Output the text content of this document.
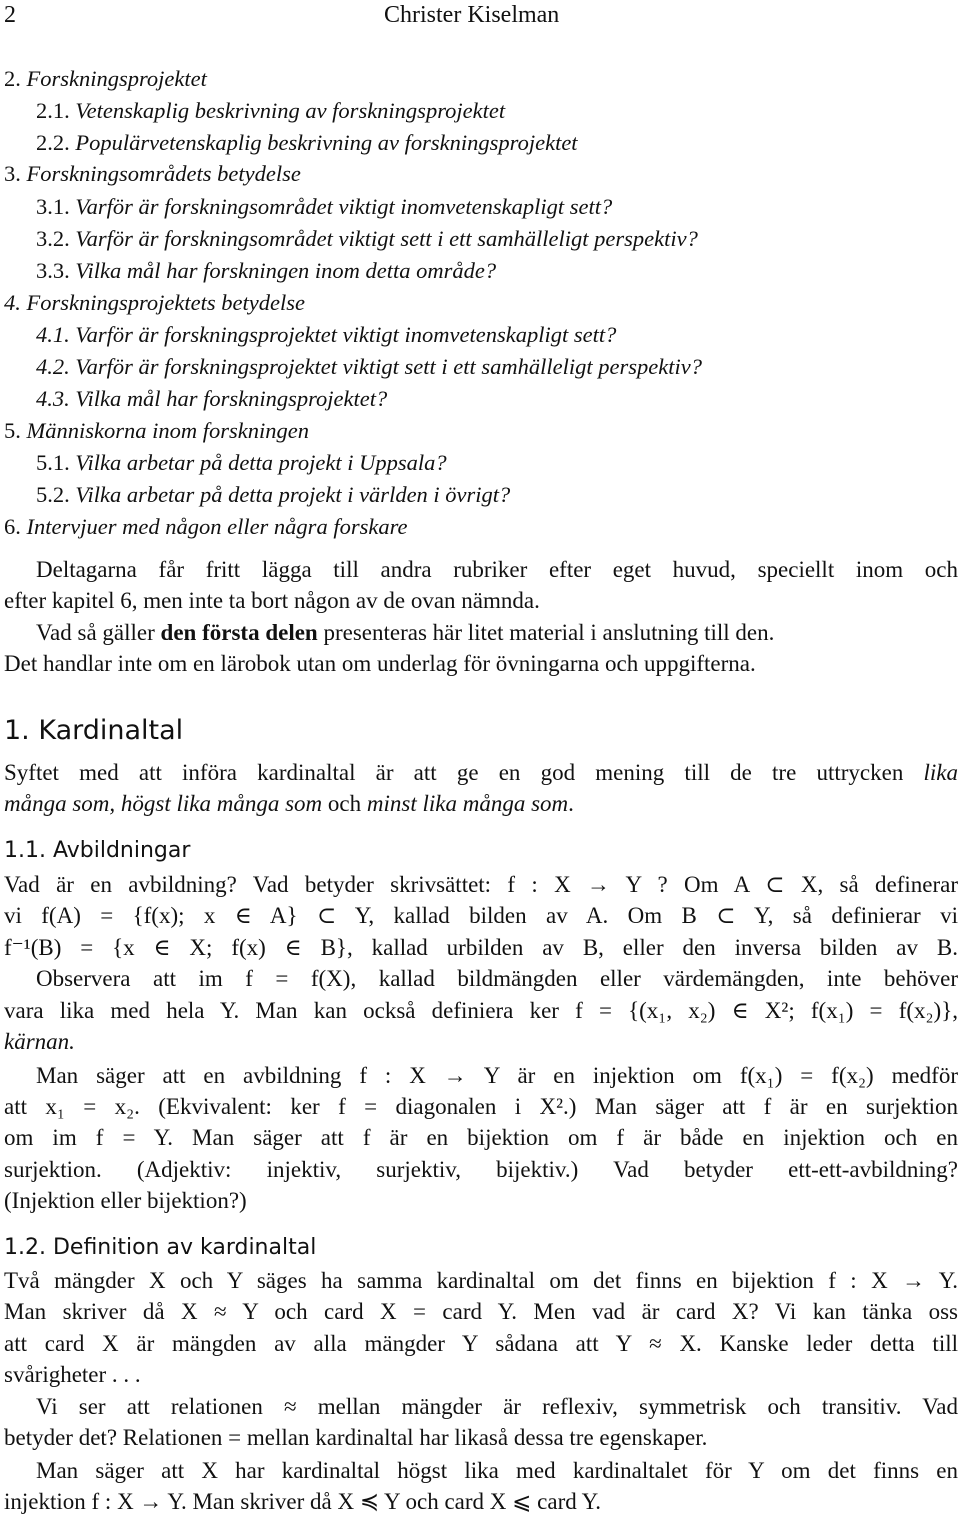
2	Christer Kiselman
2. Forskningsprojektet
2.1. Vetenskaplig beskrivning av forskningsprojektet
2.2. Populärvetenskaplig beskrivning av forskningsprojektet
3. Forskningsområdets betydelse
3.1. Varför är forskningsområdet viktigt inomvetenskapligt sett?
3.2. Varför är forskningsområdet viktigt sett i ett samhälleligt perspektiv?
3.3. Vilka mål har forskningen inom detta område?
4. Forskningsprojektets betydelse
4.1. Varför är forskningsprojektet viktigt inomvetenskapligt sett?
4.2. Varför är forskningsprojektet viktigt sett i ett samhälleligt perspektiv?
4.3. Vilka mål har forskningsprojektet?
5. Människorna inom forskningen
5.1. Vilka arbetar på detta projekt i Uppsala?
5.2. Vilka arbetar på detta projekt i världen i övrigt?
6. Intervjuer med någon eller några forskare
Deltagarna får fritt lägga till andra rubriker efter eget huvud, speciellt inom och
efter kapitel 6, men inte ta bort någon av de ovan nämnda.
Vad så gäller den första delen presenteras här litet material i anslutning till den.
Det handlar inte om en lärobok utan om underlag för övningarna och uppgifterna.
1. Kardinaltal
Syftet med att införa kardinaltal är att ge en god mening till de tre uttrycken lika
många som, högst lika många som och minst lika många som.
1.1. Avbildningar
Vad är en avbildning? Vad betyder skrivsättet: f : X → Y ? Om A ⊂ X, så definerar
vi f(A) = {f(x); x ∈ A} ⊂ Y, kallad bilden av A. Om B ⊂ Y, så definierar vi
f⁻¹(B) = {x ∈ X; f(x) ∈ B}, kallad urbilden av B, eller den inversa bilden av B.
Observera att im f = f(X), kallad bildmängden eller värdemängden, inte behöver
vara lika med hela Y. Man kan också definiera ker f = {(x₁, x₂) ∈ X²; f(x₁) = f(x₂)},
kärnan.
Man säger att en avbildning f : X → Y är en injektion om f(x₁) = f(x₂) medför
att x₁ = x₂. (Ekvivalent: ker f = diagonalen i X².) Man säger att f är en surjektion
om im f = Y. Man säger att f är en bijektion om f är både en injektion och en
surjektion. (Adjektiv: injektiv, surjektiv, bijektiv.) Vad betyder ett-ett-avbildning?
(Injektion eller bijektion?)
1.2. Definition av kardinaltal
Två mängder X och Y säges ha samma kardinaltal om det finns en bijektion f : X → Y.
Man skriver då X ≈ Y och card X = card Y. Men vad är card X? Vi kan tänka oss
att card X är mängden av alla mängder Y sådana att Y ≈ X. Kanske leder detta till
svårigheter . . .
Vi ser att relationen ≈ mellan mängder är reflexiv, symmetrisk och transitiv. Vad
betyder det? Relationen = mellan kardinaltal har likaså dessa tre egenskaper.
Man säger att X har kardinaltal högst lika med kardinaltalet för Y om det finns en
injektion f : X → Y. Man skriver då X ≼ Y och card X ⩽ card Y.
